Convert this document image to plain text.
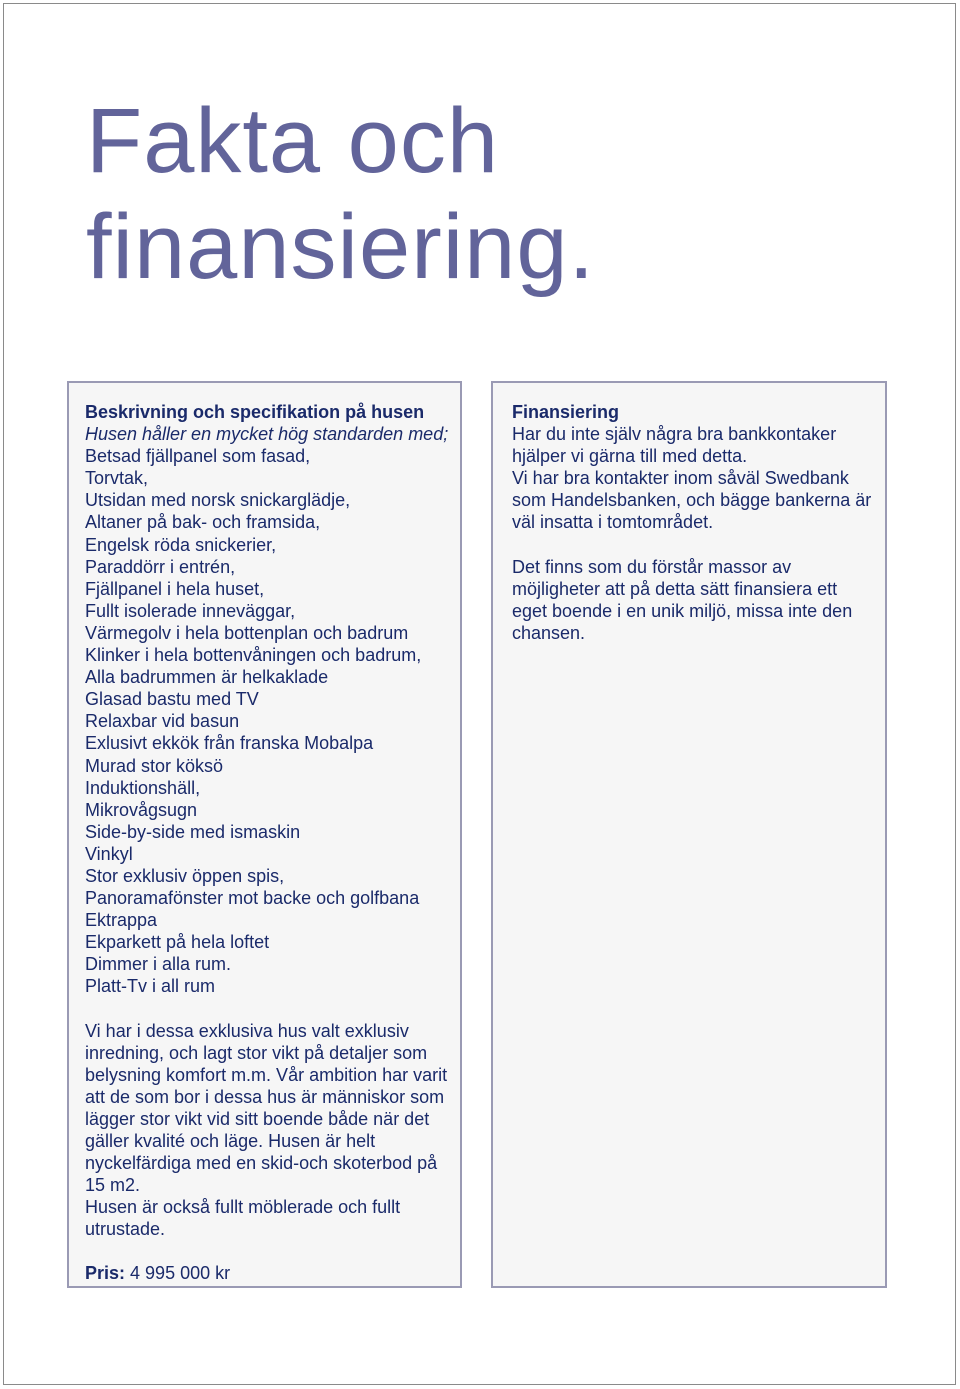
Fakta och
finansiering.
Beskrivning och specifikation på husen
Husen håller en mycket hög standarden med;
Betsad fjällpanel som fasad,
Torvtak,
Utsidan med norsk snickarglädje,
Altaner på bak- och framsida,
Engelsk röda snickerier,
Paraddörr i entrén,
Fjällpanel i hela huset,
Fullt isolerade inneväggar,
Värmegolv i hela bottenplan och badrum
Klinker i hela bottenvåningen och badrum,
Alla badrummen är helkaklade
Glasad bastu med TV
Relaxbar vid basun
Exlusivt ekkök från franska Mobalpa
Murad stor köksö
Induktionshäll,
Mikrovågsugn
Side-by-side med ismaskin
Vinkyl
Stor exklusiv öppen spis,
Panoramafönster mot backe och golfbana
Ektrappa
Ekparkett på hela loftet
Dimmer i alla rum.
Platt-Tv i all rum

Vi har i dessa exklusiva hus valt exklusiv inredning, och lagt stor vikt på detaljer som belysning komfort m.m. Vår ambition har varit att de som bor i dessa hus är människor som lägger stor vikt vid sitt boende både när det gäller kvalité och läge. Husen är helt nyckelfärdiga med en skid-och skoterbod på 15 m2.

Husen är också fullt möblerade och fullt utrustade.

Pris: 4 995 000 kr
Finansiering

Har du inte själv några bra bankkontaker hjälper vi gärna till med detta.

Vi har bra kontakter inom såväl Swedbank som Handelsbanken, och bägge bankerna är väl insatta i tomtområdet.

Det finns som du förstår massor av möjligheter att på detta sätt finansiera ett eget boende i en unik miljö, missa inte den chansen.
